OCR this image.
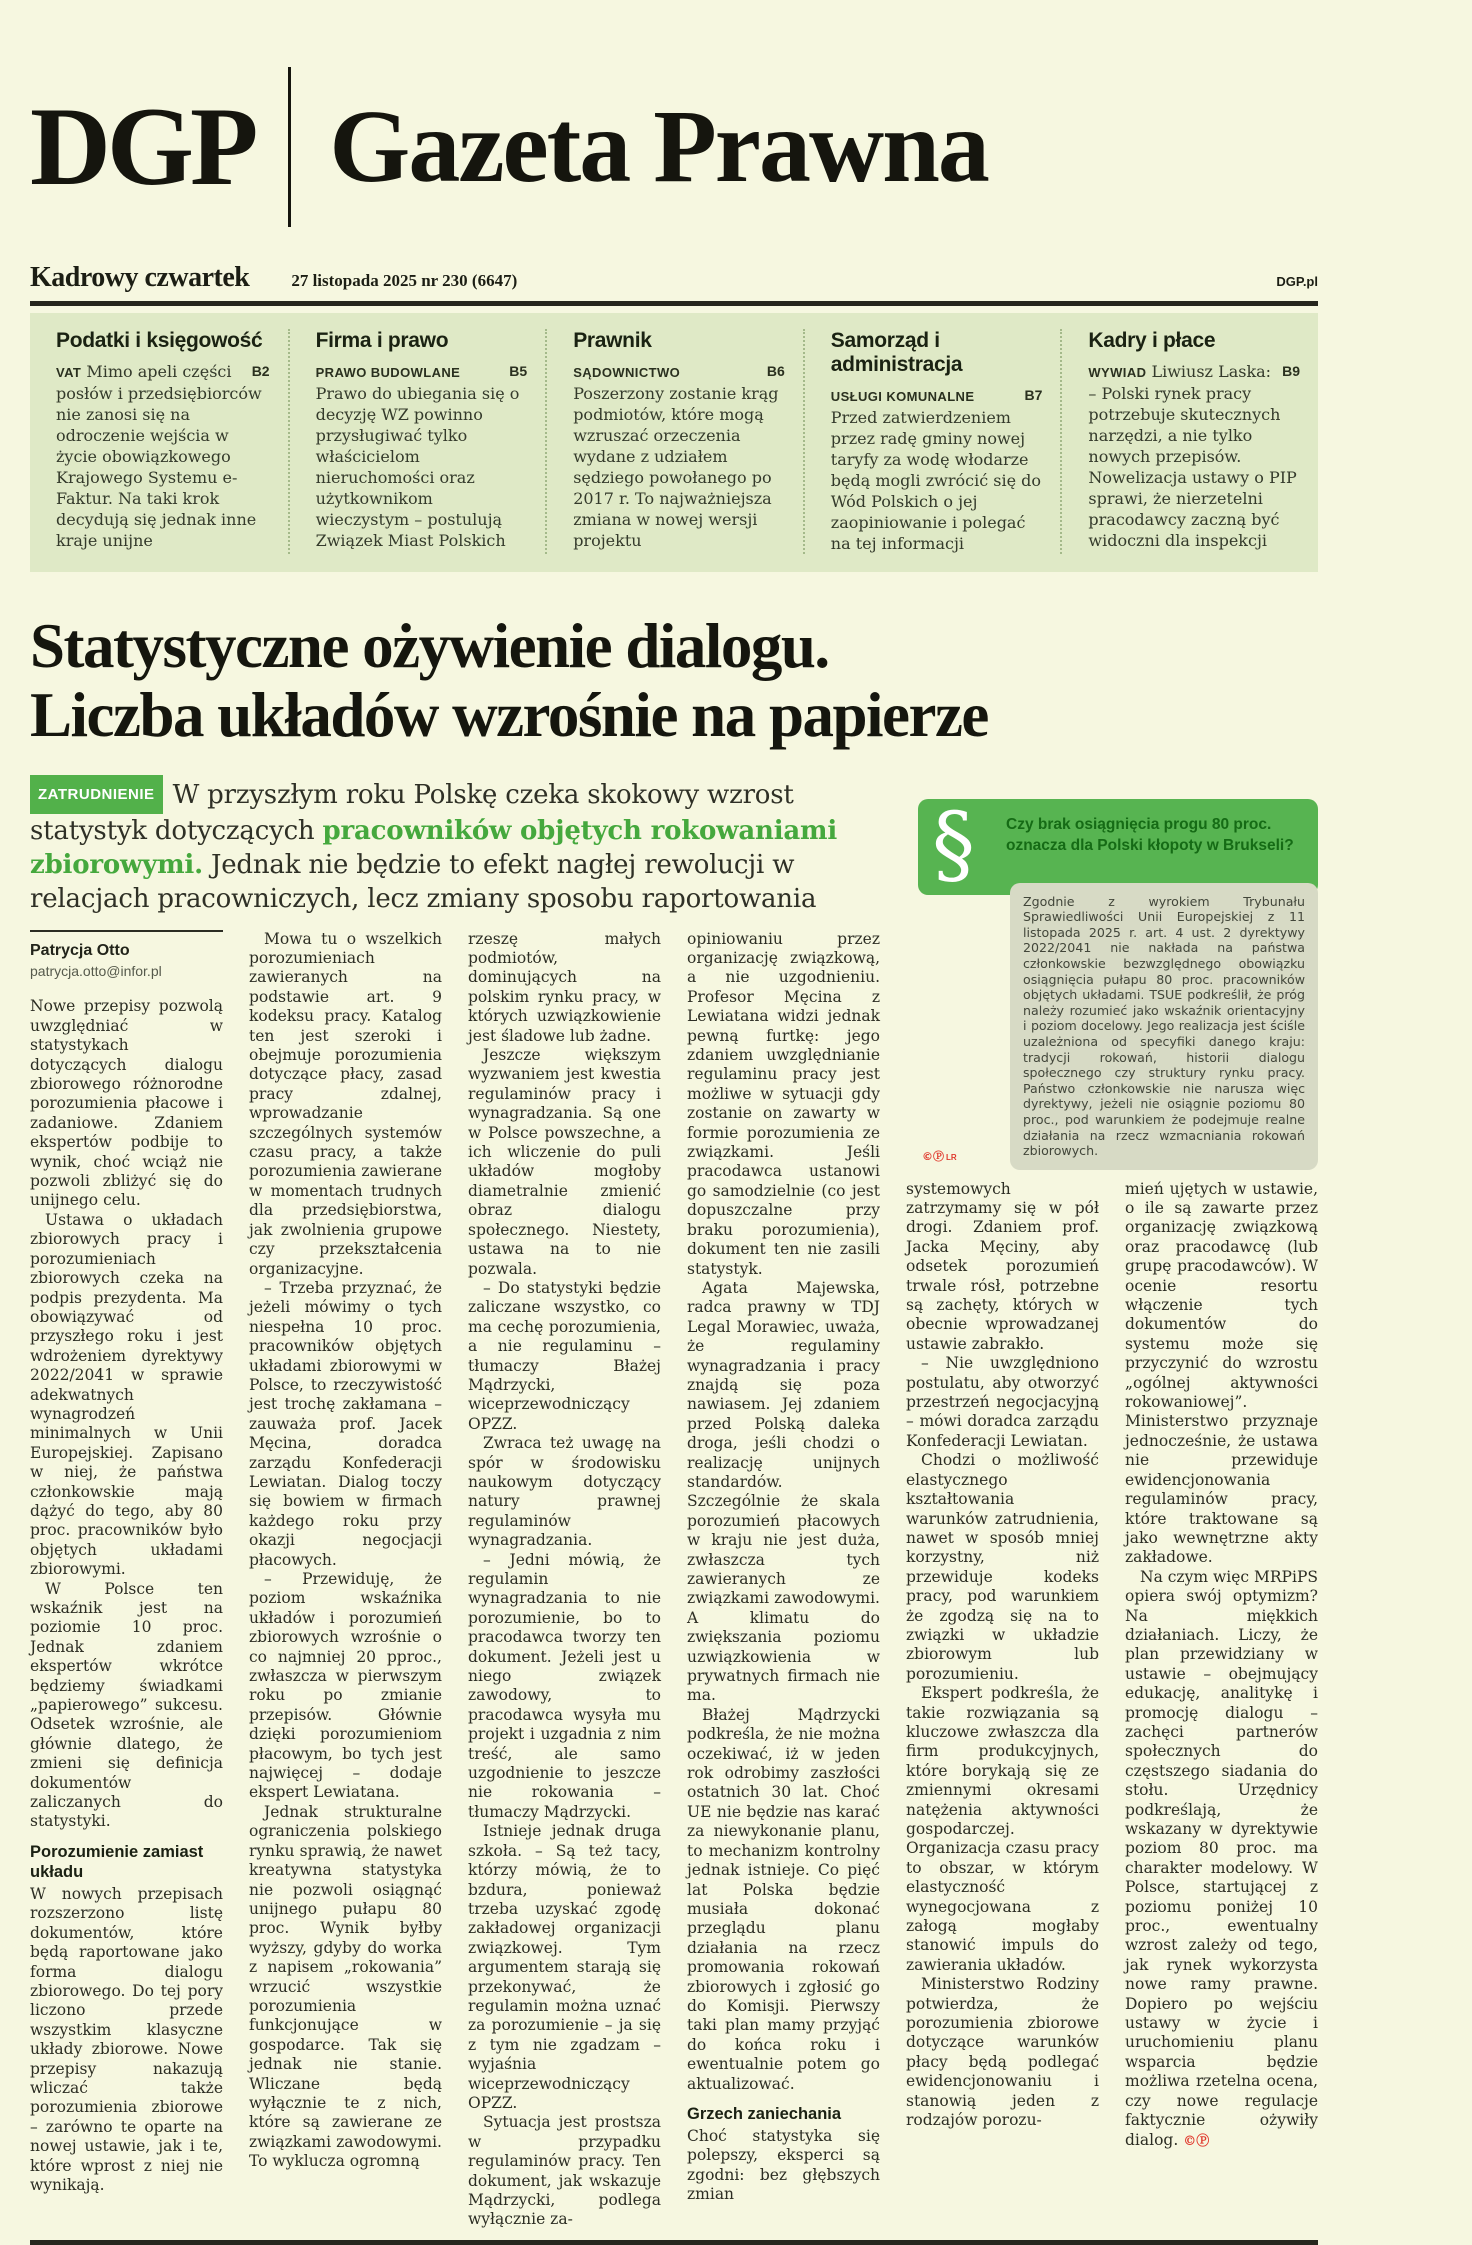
DGP Gazeta Prawna
Kadrowy czwartek 27 listopada 2025 nr 230 (6647)	DGP.pl
Podatki i księgowość

VAT	B2
Mimo apeli części posłów i przedsiębiorców nie zanosi się na odroczenie wejścia w życie obowiązkowego Krajowego Systemu e-Faktur. Na taki krok decydują się jednak inne kraje unijne

Firma i prawo

PRAWO BUDOWLANE	B5
Prawo do ubiegania się o decyzję WZ powinno przysługiwać tylko właścicielom nieruchomości oraz użytkownikom wieczystym – postulują Związek Miast Polskich

Prawnik

SĄDOWNICTWO	B6
Poszerzony zostanie krąg podmiotów, które mogą wzruszać orzeczenia wydane z udziałem sędziego powołanego po 2017 r. To najważniejsza zmiana w nowej wersji projektu

Samorząd i administracja

USŁUGI KOMUNALNE	B7
Przed zatwierdzeniem przez radę gminy nowej taryfy za wodę włodarze będą mogli zwrócić się do Wód Polskich o jej zaopiniowanie i polegać na tej informacji

Kadry i płace

WYWIAD	B9
Liwiusz Laska: – Polski rynek pracy potrzebuje skutecznych narzędzi, a nie tylko nowych przepisów. Nowelizacja ustawy o PIP sprawi, że nierzetelni pracodawcy zaczną być widoczni dla inspekcji

Statystyczne ożywienie dialogu.
Liczba układów wzrośnie na papierze
ZATRUDNIENIE W przyszłym roku Polskę czeka skokowy wzrost statystyk dotyczących pracowników objętych rokowaniami zbiorowymi. Jednak nie będzie to efekt nagłej rewolucji w relacjach pracowniczych, lecz zmiany sposobu raportowania
§	Czy brak osiągnięcia progu 80 proc. oznacza dla Polski kłopoty w Brukseli?

Zgodnie z wyrokiem Trybunału Sprawiedliwości Unii Europejskiej z 11 listopada 2025 r. art. 4 ust. 2 dyrektywy 2022/2041 nie nakłada na państwa członkowskie bezwzględnego obowiązku osiągnięcia pułapu 80 proc. pracowników objętych układami. TSUE podkreślił, że próg należy rozumieć jako wskaźnik orientacyjny i poziom docelowy. Jego realizacja jest ściśle uzależniona od specyfiki danego kraju: tradycji rokowań, historii dialogu społecznego czy struktury rynku pracy. Państwo członkowskie nie narusza więc dyrektywy, jeżeli nie osiągnie poziomu 80 proc., pod warunkiem że podejmuje realne działania na rzecz wzmacniania rokowań zbiorowych.
©Ⓟ LR
Patrycja Otto
patrycja.otto@infor.pl

Nowe przepisy pozwolą uwzględniać w statystykach dotyczących dialogu zbiorowego różnorodne porozumienia płacowe i zadaniowe. Zdaniem ekspertów podbije to wynik, choć wciąż nie pozwoli zbliżyć się do unijnego celu.

Ustawa o układach zbiorowych pracy i porozumieniach zbiorowych czeka na podpis prezydenta. Ma obowiązywać od przyszłego roku i jest wdrożeniem dyrektywy 2022/2041 w sprawie adekwatnych wynagrodzeń minimalnych w Unii Europejskiej. Zapisano w niej, że państwa członkowskie mają dążyć do tego, aby 80 proc. pracowników było objętych układami zbiorowymi.

W Polsce ten wskaźnik jest na poziomie 10 proc. Jednak zdaniem ekspertów wkrótce będziemy świadkami „papierowego” sukcesu. Odsetek wzrośnie, ale głównie dlatego, że zmieni się definicja dokumentów zaliczanych do statystyki.

Porozumienie zamiast układu

W nowych przepisach rozszerzono listę dokumentów, które będą raportowane jako forma dialogu zbiorowego. Do tej pory liczono przede wszystkim klasyczne układy zbiorowe. Nowe przepisy nakazują wliczać także porozumienia zbiorowe – zarówno te oparte na nowej ustawie, jak i te, które wprost z niej nie wynikają.

Mowa tu o wszelkich porozumieniach zawieranych na podstawie art. 9 kodeksu pracy. Katalog ten jest szeroki i obejmuje porozumienia dotyczące płacy, zasad pracy zdalnej, wprowadzanie szczególnych systemów czasu pracy, a także porozumienia zawierane w momentach trudnych dla przedsiębiorstwa, jak zwolnienia grupowe czy przekształcenia organizacyjne.

– Trzeba przyznać, że jeżeli mówimy o tych niespełna 10 proc. pracowników objętych układami zbiorowymi w Polsce, to rzeczywistość jest trochę zakłamana – zauważa prof. Jacek Męcina, doradca zarządu Konfederacji Lewiatan. Dialog toczy się bowiem w firmach każdego roku przy okazji negocjacji płacowych.

– Przewiduję, że poziom wskaźnika układów i porozumień zbiorowych wzrośnie o co najmniej 20 pproc., zwłaszcza w pierwszym roku po zmianie przepisów. Głównie dzięki porozumieniom płacowym, bo tych jest najwięcej – dodaje ekspert Lewiatana.

Jednak strukturalne ograniczenia polskiego rynku sprawią, że nawet kreatywna statystyka nie pozwoli osiągnąć unijnego pułapu 80 proc. Wynik byłby wyższy, gdyby do worka z napisem „rokowania” wrzucić wszystkie porozumienia funkcjonujące w gospodarce. Tak się jednak nie stanie. Wliczane będą wyłącznie te z nich, które są zawierane ze związkami zawodowymi. To wyklucza ogromną

rzeszę małych podmiotów, dominujących na polskim rynku pracy, w których uzwiązkowienie jest śladowe lub żadne.

Jeszcze większym wyzwaniem jest kwestia regulaminów pracy i wynagradzania. Są one w Polsce powszechne, a ich wliczenie do puli układów mogłoby diametralnie zmienić obraz dialogu społecznego. Niestety, ustawa na to nie pozwala.

– Do statystyki będzie zaliczane wszystko, co ma cechę porozumienia, a nie regulaminu – tłumaczy Błażej Mądrzycki, wiceprzewodniczący OPZZ.

Zwraca też uwagę na spór w środowisku naukowym dotyczący natury prawnej regulaminów wynagradzania.

– Jedni mówią, że regulamin wynagradzania to nie porozumienie, bo to pracodawca tworzy ten dokument. Jeżeli jest u niego związek zawodowy, to pracodawca wysyła mu projekt i uzgadnia z nim treść, ale samo uzgodnienie to jeszcze nie rokowania – tłumaczy Mądrzycki.

Istnieje jednak druga szkoła. – Są też tacy, którzy mówią, że to bzdura, ponieważ trzeba uzyskać zgodę zakładowej organizacji związkowej. Tym argumentem starają się przekonywać, że regulamin można uznać za porozumienie – ja się z tym nie zgadzam – wyjaśnia wiceprzewodniczący OPZZ.

Sytuacja jest prostsza w przypadku regulaminów pracy. Ten dokument, jak wskazuje Mądrzycki, podlega wyłącznie za-

opiniowaniu przez organizację związkową, a nie uzgodnieniu. Profesor Męcina z Lewiatana widzi jednak pewną furtkę: jego zdaniem uwzględnianie regulaminu pracy jest możliwe w sytuacji gdy zostanie on zawarty w formie porozumienia ze związkami. Jeśli pracodawca ustanowi go samodzielnie (co jest dopuszczalne przy braku porozumienia), dokument ten nie zasili statystyk.

Agata Majewska, radca prawny w TDJ Legal Morawiec, uważa, że regulaminy wynagradzania i pracy znajdą się poza nawiasem. Jej zdaniem przed Polską daleka droga, jeśli chodzi o realizację unijnych standardów. Szczególnie że skala porozumień płacowych w kraju nie jest duża, zwłaszcza tych zawieranych ze związkami zawodowymi. A klimatu do zwiększania poziomu uzwiązkowienia w prywatnych firmach nie ma.

Błażej Mądrzycki podkreśla, że nie można oczekiwać, iż w jeden rok odrobimy zaszłości ostatnich 30 lat. Choć UE nie będzie nas karać za niewykonanie planu, to mechanizm kontrolny jednak istnieje. Co pięć lat Polska będzie musiała dokonać przeglądu planu działania na rzecz promowania rokowań zbiorowych i zgłosić go do Komisji. Pierwszy taki plan mamy przyjąć do końca roku i ewentualnie potem go aktualizować.

Grzech zaniechania

Choć statystyka się polepszy, eksperci są zgodni: bez głębszych zmian

systemowych zatrzymamy się w pół drogi. Zdaniem prof. Jacka Męciny, aby odsetek porozumień trwale rósł, potrzebne są zachęty, których w obecnie wprowadzanej ustawie zabrakło.

– Nie uwzględniono postulatu, aby otworzyć przestrzeń negocjacyjną – mówi doradca zarządu Konfederacji Lewiatan.

Chodzi o możliwość elastycznego kształtowania warunków zatrudnienia, nawet w sposób mniej korzystny, niż przewiduje kodeks pracy, pod warunkiem że zgodzą się na to związki w układzie zbiorowym lub porozumieniu.

Ekspert podkreśla, że takie rozwiązania są kluczowe zwłaszcza dla firm produkcyjnych, które borykają się ze zmiennymi okresami natężenia aktywności gospodarczej. Organizacja czasu pracy to obszar, w którym elastyczność wynegocjowana z załogą mogłaby stanowić impuls do zawierania układów.

Ministerstwo Rodziny potwierdza, że porozumienia zbiorowe dotyczące warunków płacy będą podlegać ewidencjonowaniu i stanowią jeden z rodzajów porozu-

mień ujętych w ustawie, o ile są zawarte przez organizację związkową oraz pracodawcę (lub grupę pracodawców). W ocenie resortu włączenie tych dokumentów do systemu może się przyczynić do wzrostu „ogólnej aktywności rokowaniowej”. Ministerstwo przyznaje jednocześnie, że ustawa nie przewiduje ewidencjonowania regulaminów pracy, które traktowane są jako wewnętrzne akty zakładowe.

Na czym więc MRPiPS opiera swój optymizm? Na miękkich działaniach. Liczy, że plan przewidziany w ustawie – obejmujący edukację, analitykę i promocję dialogu – zachęci partnerów społecznych do częstszego siadania do stołu. Urzędnicy podkreślają, że wskazany w dyrektywie poziom 80 proc. ma charakter modelowy. W Polsce, startującej z poziomu poniżej 10 proc., ewentualny wzrost zależy od tego, jak rynek wykorzysta nowe ramy prawne. Dopiero po wejściu ustawy w życie i uruchomieniu planu wsparcia będzie możliwa rzetelna ocena, czy nowe regulacje faktycznie ożywiły dialog. ©Ⓟ
